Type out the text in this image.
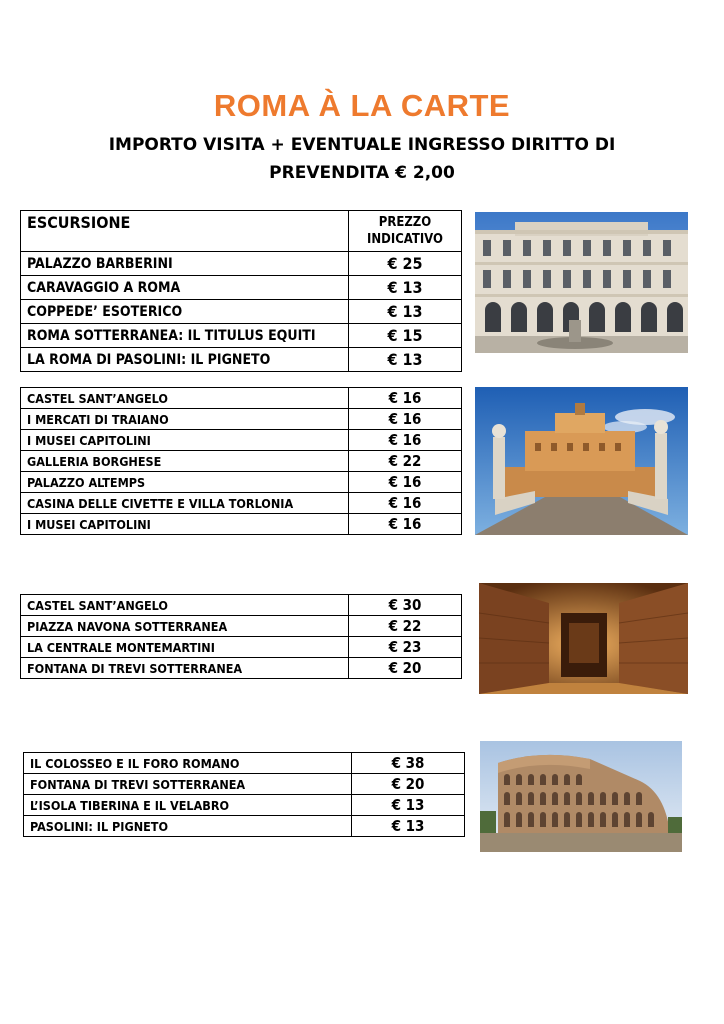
ROMA À LA CARTE
IMPORTO VISITA + EVENTUALE INGRESSO DIRITTO DI
PREVENDITA € 2,00
ESCURSIONE	PREZZO
INDICATIVO

PALAZZO BARBERINI	€ 25
CARAVAGGIO A ROMA	€ 13
COPPEDE’ ESOTERICO	€ 13
ROMA SOTTERRANEA: IL TITULUS EQUITI	€ 15
LA ROMA DI PASOLINI: IL PIGNETO	€ 13
CASTEL SANT’ANGELO	€ 16
I MERCATI DI TRAIANO	€ 16
I MUSEI CAPITOLINI	€ 16
GALLERIA BORGHESE	€ 22
PALAZZO ALTEMPS	€ 16
CASINA DELLE CIVETTE E VILLA TORLONIA	€ 16
I MUSEI CAPITOLINI	€ 16
CASTEL SANT’ANGELO	€ 30
PIAZZA NAVONA SOTTERRANEA	€ 22
LA CENTRALE MONTEMARTINI	€ 23
FONTANA DI TREVI SOTTERRANEA	€ 20
IL COLOSSEO E IL FORO ROMANO	€ 38
FONTANA DI TREVI SOTTERRANEA	€ 20
L’ISOLA TIBERINA E IL VELABRO	€ 13
PASOLINI: IL PIGNETO	€ 13
